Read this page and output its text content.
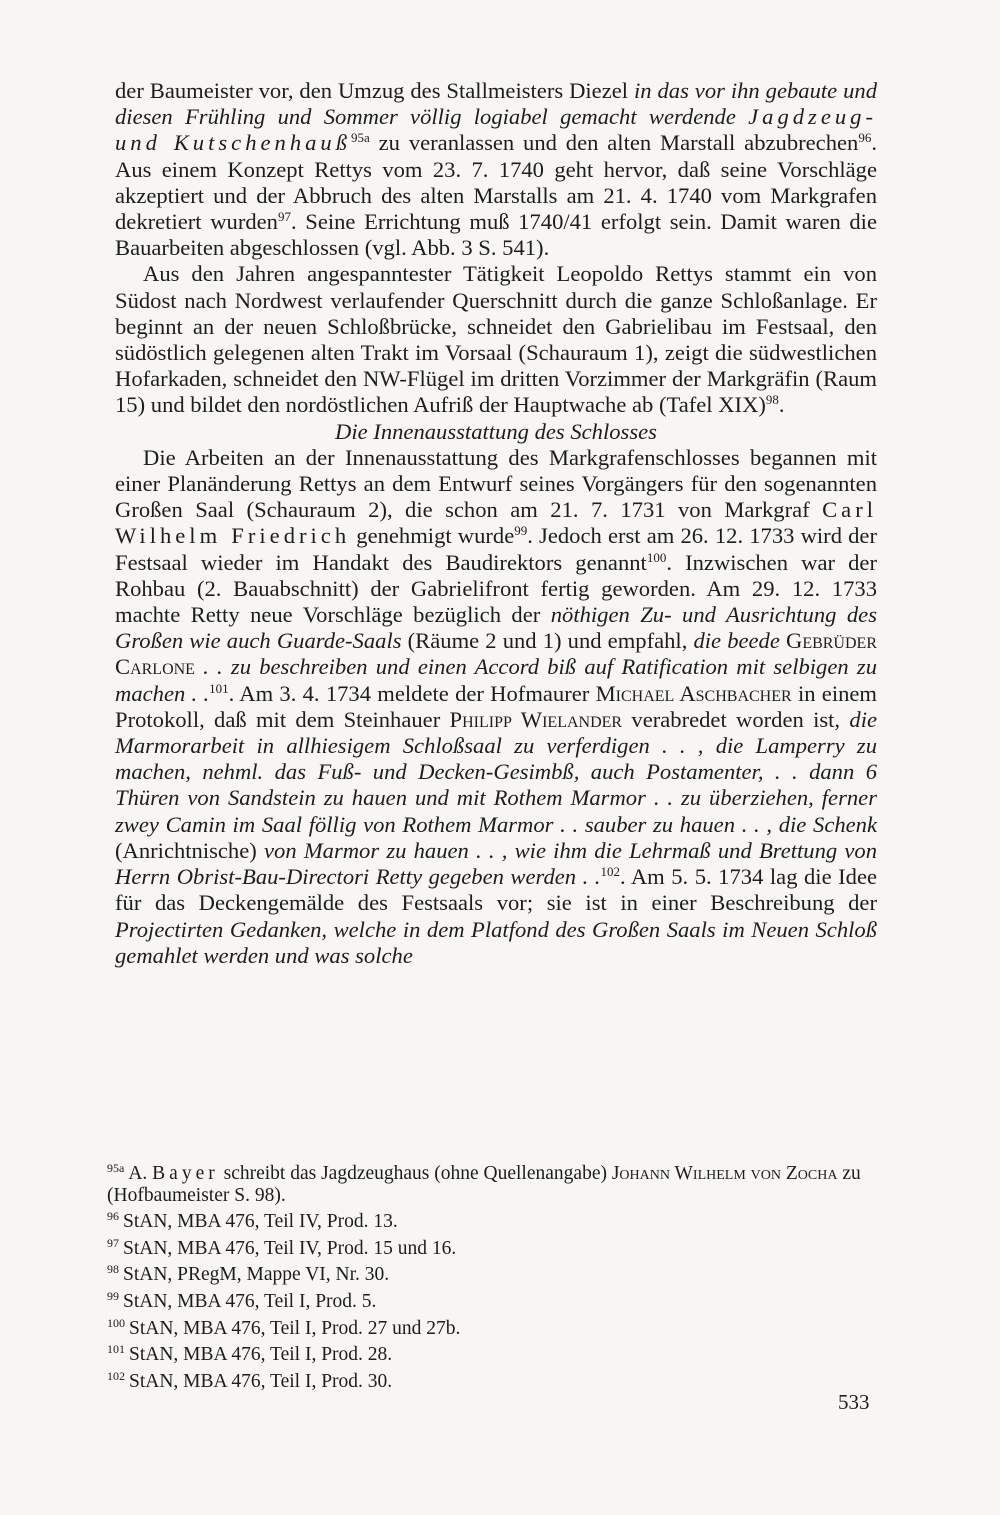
der Baumeister vor, den Umzug des Stallmeisters Diezel in das vor ihn gebaute und diesen Frühling und Sommer völlig logiabel gemacht werdende Jagdzeug- und Kutschenhauß$^{95a}$ zu veranlassen und den alten Marstall abzubrechen$^{96}$. Aus einem Konzept Rettys vom 23. 7. 1740 geht hervor, daß seine Vorschläge akzeptiert und der Abbruch des alten Marstalls am 21. 4. 1740 vom Markgrafen dekretiert wurden$^{97}$. Seine Errichtung muß 1740/41 erfolgt sein. Damit waren die Bauarbeiten abgeschlossen (vgl. Abb. 3 S. 541).

Aus den Jahren angespanntester Tätigkeit Leopoldo Rettys stammt ein von Südost nach Nordwest verlaufender Querschnitt durch die ganze Schloßanlage. Er beginnt an der neuen Schloßbrücke, schneidet den Gabrielibau im Festsaal, den südöstlich gelegenen alten Trakt im Vorsaal (Schauraum 1), zeigt die südwestlichen Hofarkaden, schneidet den NW-Flügel im dritten Vorzimmer der Markgräfin (Raum 15) und bildet den nordöstlichen Aufriß der Hauptwache ab (Tafel XIX)$^{98}$.

Die Innenausstattung des Schlosses

Die Arbeiten an der Innenausstattung des Markgrafenschlosses begannen mit einer Planänderung Rettys an dem Entwurf seines Vorgängers für den sogenannten Großen Saal (Schauraum 2), die schon am 21. 7. 1731 von Markgraf Carl Wilhelm Friedrich genehmigt wurde$^{99}$. Jedoch erst am 26. 12. 1733 wird der Festsaal wieder im Handakt des Baudirektors genannt$^{100}$. Inzwischen war der Rohbau (2. Bauabschnitt) der Gabrielifront fertig geworden. Am 29. 12. 1733 machte Retty neue Vorschläge bezüglich der nöthigen Zu- und Ausrichtung des Großen wie auch Guarde-Saals (Räume 2 und 1) und empfahl, die beede Gebrüder Carlone . . zu beschreiben und einen Accord biß auf Ratification mit selbigen zu machen . .$^{101}$. Am 3. 4. 1734 meldete der Hofmaurer Michael Aschbacher in einem Protokoll, daß mit dem Steinhauer Philipp Wielander verabredet worden ist, die Marmorarbeit in allhiesigem Schloßsaal zu verferdigen . . , die Lamperry zu machen, nehml. das Fuß- und Decken-Gesimbß, auch Postamenter, . . dann 6 Thüren von Sandstein zu hauen und mit Rothem Marmor . . zu überziehen, ferner zwey Camin im Saal föllig von Rothem Marmor . . sauber zu hauen . . , die Schenk (Anrichtnische) von Marmor zu hauen . . , wie ihm die Lehrmaß und Brettung von Herrn Obrist-Bau-Directori Retty gegeben werden . .$^{102}$. Am 5. 5. 1734 lag die Idee für das Deckengemälde des Festsaals vor; sie ist in einer Beschreibung der Projectirten Gedanken, welche in dem Platfond des Großen Saals im Neuen Schloß gemahlet werden und was solche

$^{95a}$ A. Bayer schreibt das Jagdzeughaus (ohne Quellenangabe) Johann Wilhelm von Zocha zu (Hofbaumeister S. 98).

$^{96}$ StAN, MBA 476, Teil IV, Prod. 13.

$^{97}$ StAN, MBA 476, Teil IV, Prod. 15 und 16.

$^{98}$ StAN, PRegM, Mappe VI, Nr. 30.

$^{99}$ StAN, MBA 476, Teil I, Prod. 5.

$^{100}$ StAN, MBA 476, Teil I, Prod. 27 und 27b.

$^{101}$ StAN, MBA 476, Teil I, Prod. 28.

$^{102}$ StAN, MBA 476, Teil I, Prod. 30.

533
